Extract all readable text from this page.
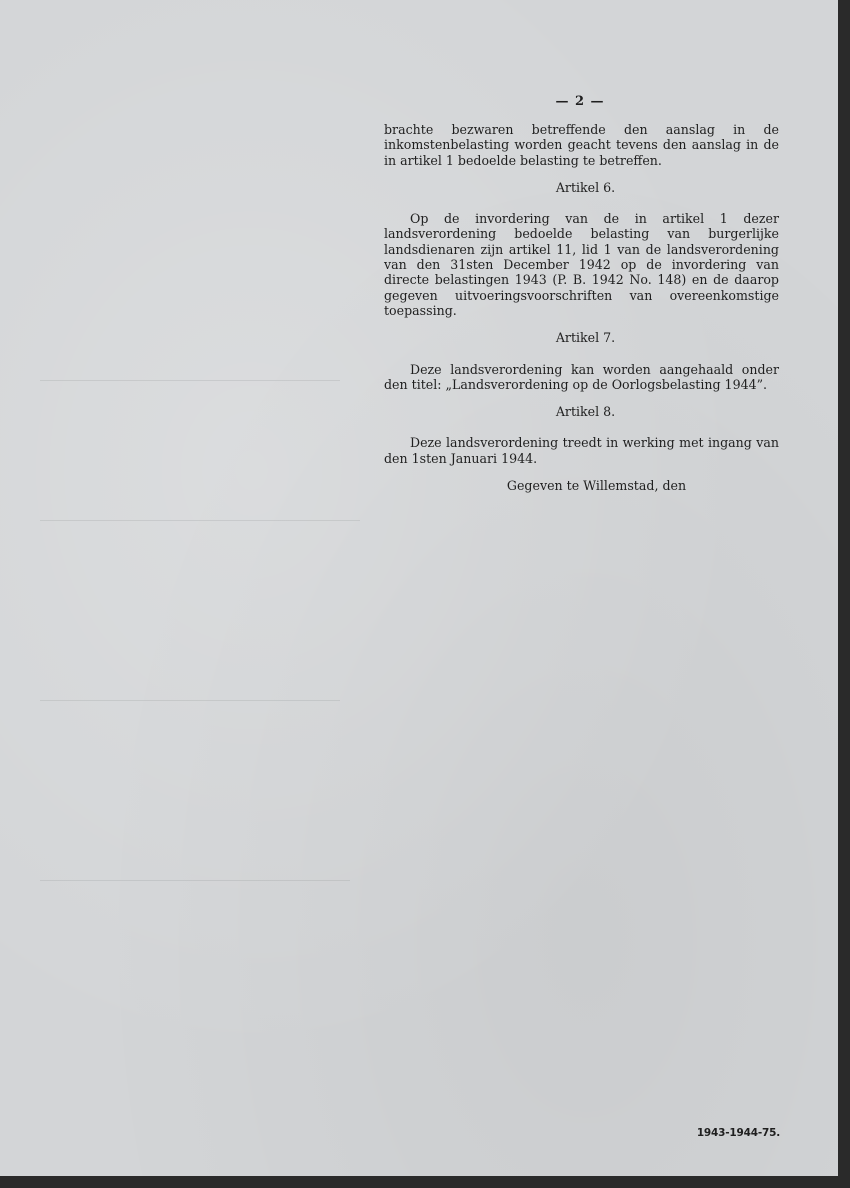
— 2 —

brachte bezwaren betreffende den aanslag in de inkomstenbelasting worden geacht tevens den aanslag in de in artikel 1 bedoelde belasting te betreffen.

Artikel 6.

Op de invordering van de in artikel 1 dezer landsverordening bedoelde belasting van burgerlijke landsdienaren zijn artikel 11, lid 1 van de landsverordening van den 31sten December 1942 op de invordering van directe belastingen 1943 (P. B. 1942 No. 148) en de daarop gegeven uitvoeringsvoorschriften van overeenkomstige toepassing.

Artikel 7.

Deze landsverordening kan worden aangehaald onder den titel: „Landsverordening op de Oorlogsbelasting 1944”.

Artikel 8.

Deze landsverordening treedt in werking met ingang van den 1sten Januari 1944.

Gegeven te Willemstad, den

1943-1944-75.
